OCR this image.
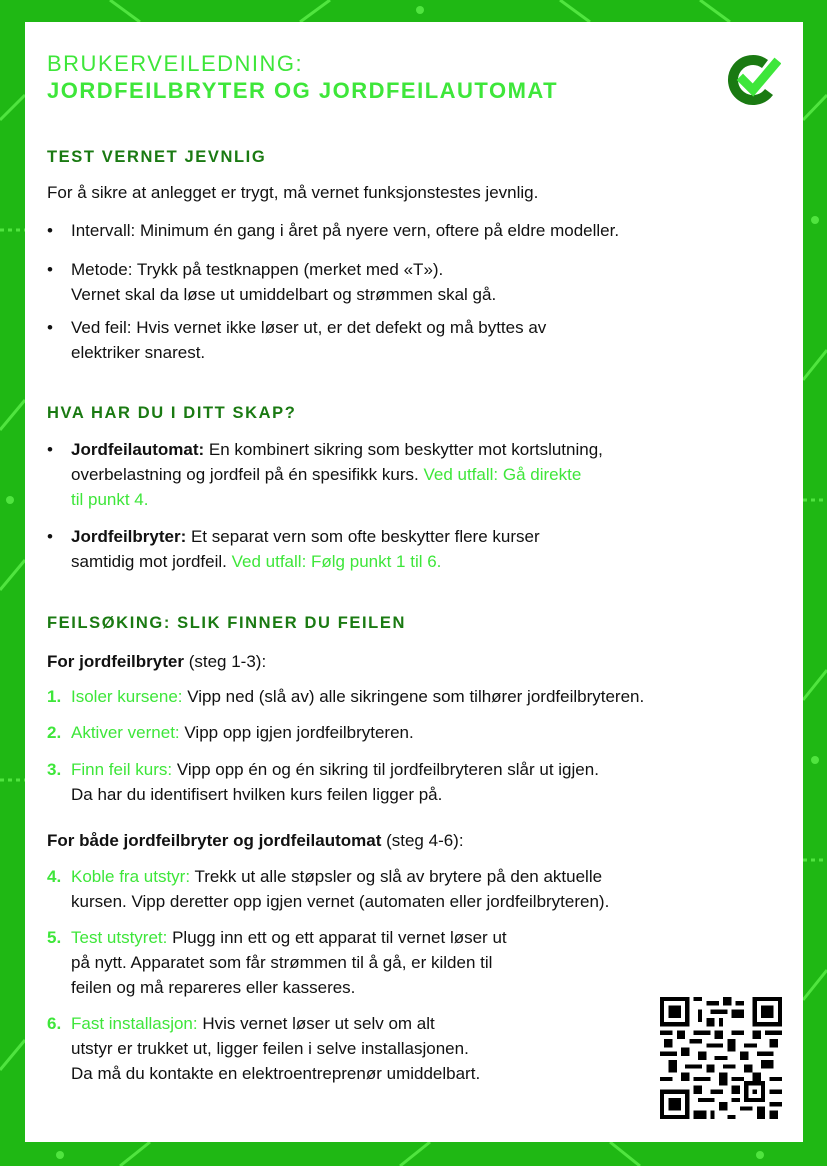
BRUKERVEILEDNING:
JORDFEILBRYTER OG JORDFEILAUTOMAT
TEST VERNET JEVNLIG

For å sikre at anlegget er trygt, må vernet funksjonstestes jevnlig.

• Intervall: Minimum én gang i året på nyere vern, oftere på eldre modeller.
• Metode: Trykk på testknappen (merket med «T»).
Vernet skal da løse ut umiddelbart og strømmen skal gå.
• Ved feil: Hvis vernet ikke løser ut, er det defekt og må byttes av
elektriker snarest.
HVA HAR DU I DITT SKAP?
• Jordfeilautomat: En kombinert sikring som beskytter mot kortslutning,
overbelastning og jordfeil på én spesifikk kurs. Ved utfall: Gå direkte
til punkt 4.
• Jordfeilbryter: Et separat vern som ofte beskytter flere kurser
samtidig mot jordfeil. Ved utfall: Følg punkt 1 til 6.
FEILSØKING: SLIK FINNER DU FEILEN

For jordfeilbryter (steg 1-3):

1. Isoler kursene: Vipp ned (slå av) alle sikringene som tilhører jordfeilbryteren.
2. Aktiver vernet: Vipp opp igjen jordfeilbryteren.
3. Finn feil kurs: Vipp opp én og én sikring til jordfeilbryteren slår ut igjen.
Da har du identifisert hvilken kurs feilen ligger på.

For både jordfeilbryter og jordfeilautomat (steg 4-6):

4. Koble fra utstyr: Trekk ut alle støpsler og slå av brytere på den aktuelle
kursen. Vipp deretter opp igjen vernet (automaten eller jordfeilbryteren).
5. Test utstyret: Plugg inn ett og ett apparat til vernet løser ut
på nytt. Apparatet som får strømmen til å gå, er kilden til
feilen og må repareres eller kasseres.
6. Fast installasjon: Hvis vernet løser ut selv om alt
utstyr er trukket ut, ligger feilen i selve installasjonen.
Da må du kontakte en elektroentreprenør umiddelbart.
